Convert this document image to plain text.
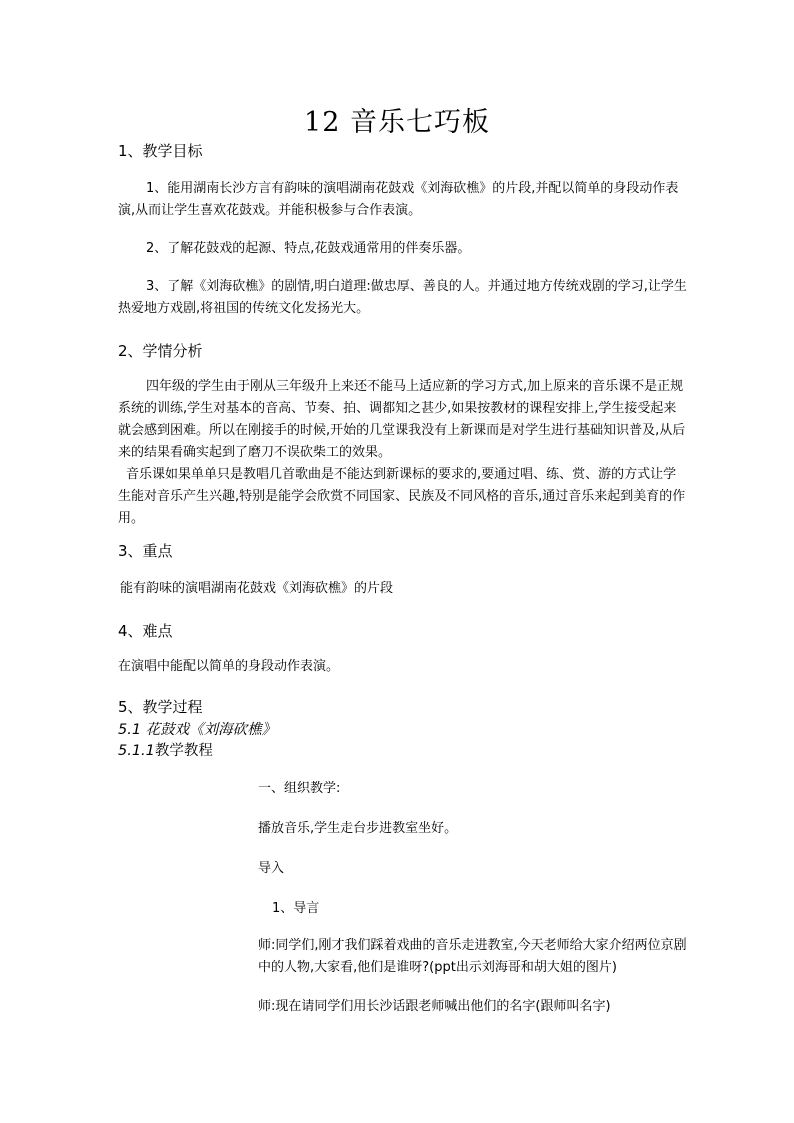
12 音乐七巧板
1、教学目标

1、能用湖南长沙方言有韵味的演唱湖南花鼓戏《刘海砍樵》的片段,并配以简单的身段动作表演,从而让学生喜欢花鼓戏。并能积极参与合作表演。

2、了解花鼓戏的起源、特点,花鼓戏通常用的伴奏乐器。

3、了解《刘海砍樵》的剧情,明白道理:做忠厚、善良的人。并通过地方传统戏剧的学习,让学生热爱地方戏剧,将祖国的传统文化发扬光大。

2、学情分析

四年级的学生由于刚从三年级升上来还不能马上适应新的学习方式,加上原来的音乐课不是正规系统的训练,学生对基本的音高、节奏、拍、调都知之甚少,如果按教材的课程安排上,学生接受起来就会感到困难。所以在刚接手的时候,开始的几堂课我没有上新课而是对学生进行基础知识普及,从后来的结果看确实起到了磨刀不误砍柴工的效果。

音乐课如果单单只是教唱几首歌曲是不能达到新课标的要求的,要通过唱、练、赏、游的方式让学生能对音乐产生兴趣,特别是能学会欣赏不同国家、民族及不同风格的音乐,通过音乐来起到美育的作用。

3、重点

能有韵味的演唱湖南花鼓戏《刘海砍樵》的片段

4、难点

在演唱中能配以简单的身段动作表演。

5、教学过程
5.1 花鼓戏《刘海砍樵》
5.1.1教学教程

一、组织教学:

播放音乐,学生走台步进教室坐好。

导入

1、导言

师:同学们,刚才我们踩着戏曲的音乐走进教室,今天老师给大家介绍两位京剧中的人物,大家看,他们是谁呀?(ppt出示刘海哥和胡大姐的图片)

师:现在请同学们用长沙话跟老师喊出他们的名字(跟师叫名字)
